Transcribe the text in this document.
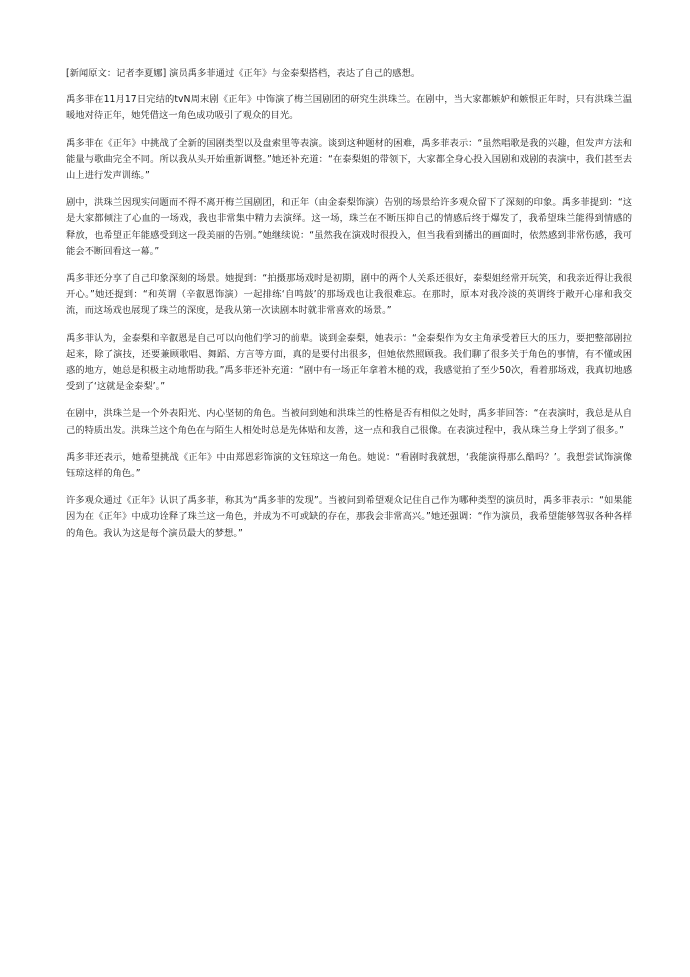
[新闻原文：记者李夏娜] 演员禹多菲通过《正年》与金泰梨搭档，表达了自己的感想。

禹多菲在11月17日完结的tvN周末剧《正年》中饰演了梅兰国剧团的研究生洪珠兰。在剧中，当大家都嫉妒和嫉恨正年时，只有洪珠兰温暖地对待正年，她凭借这一角色成功吸引了观众的目光。

禹多菲在《正年》中挑战了全新的国剧类型以及盘索里等表演。谈到这种题材的困难，禹多菲表示：“虽然唱歌是我的兴趣，但发声方法和能量与歌曲完全不同。所以我从头开始重新调整。”她还补充道：“在泰梨姐的带领下，大家都全身心投入国剧和戏剧的表演中，我们甚至去山上进行发声训练。”

剧中，洪珠兰因现实问题而不得不离开梅兰国剧团，和正年（由金泰梨饰演）告别的场景给许多观众留下了深刻的印象。禹多菲提到：“这是大家都倾注了心血的一场戏，我也非常集中精力去演绎。这一场，珠兰在不断压抑自己的情感后终于爆发了，我希望珠兰能得到情感的释放，也希望正年能感受到这一段美丽的告别。”她继续说：“虽然我在演戏时很投入，但当我看到播出的画面时，依然感到非常伤感，我可能会不断回看这一幕。”

禹多菲还分享了自己印象深刻的场景。她提到：“拍摄那场戏时是初期，剧中的两个人关系还很好，泰梨姐经常开玩笑，和我亲近得让我很开心。”她还提到：“和英谓（辛叡恩饰演）一起排练‘自鸣鼓’的那场戏也让我很难忘。在那时，原本对我冷淡的英谓终于敞开心扉和我交流，而这场戏也展现了珠兰的深度，是我从第一次读剧本时就非常喜欢的场景。”

禹多菲认为，金泰梨和辛叡恩是自己可以向他们学习的前辈。谈到金泰梨，她表示：“金泰梨作为女主角承受着巨大的压力，要把整部剧拉起来，除了演技，还要兼顾歌唱、舞蹈、方言等方面，真的是要付出很多，但她依然照顾我。我们聊了很多关于角色的事情，有不懂或困惑的地方，她总是积极主动地帮助我。”禹多菲还补充道：“剧中有一场正年拿着木槌的戏，我感觉拍了至少50次，看着那场戏，我真切地感受到了‘这就是金泰梨’。”

在剧中，洪珠兰是一个外表阳光、内心坚韧的角色。当被问到她和洪珠兰的性格是否有相似之处时，禹多菲回答：“在表演时，我总是从自己的特质出发。洪珠兰这个角色在与陌生人相处时总是先体贴和友善，这一点和我自己很像。在表演过程中，我从珠兰身上学到了很多。”

禹多菲还表示，她希望挑战《正年》中由郑恩彩饰演的文钰琼这一角色。她说：“看剧时我就想，‘我能演得那么酷吗？’。我想尝试饰演像钰琼这样的角色。”

许多观众通过《正年》认识了禹多菲，称其为“禹多菲的发现”。当被问到希望观众记住自己作为哪种类型的演员时，禹多菲表示：“如果能因为在《正年》中成功诠释了珠兰这一角色，并成为不可或缺的存在，那我会非常高兴。”她还强调：“作为演员，我希望能够驾驭各种各样的角色。我认为这是每个演员最大的梦想。”
